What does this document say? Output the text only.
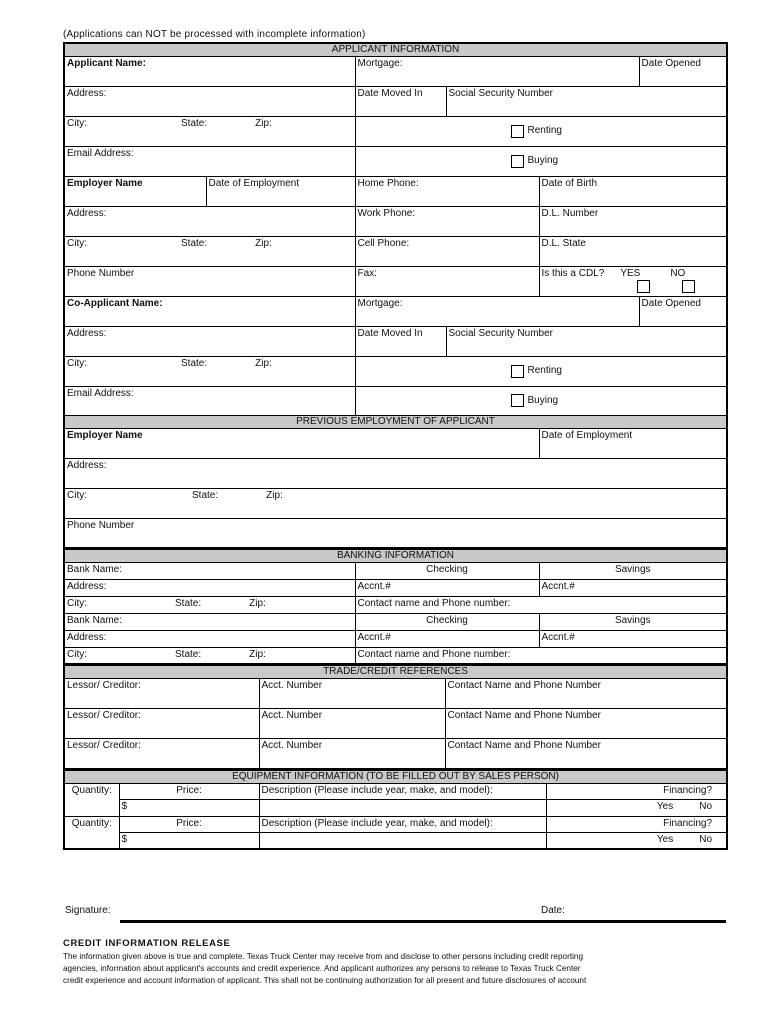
(Applications can NOT be processed with incomplete information)
APPLICANT INFORMATION					
Applicant Name:		Mortgage:			Date Opened
Address:		Date Moved In	Social Security Number		
City: State: Zip:		Renting			
Email Address:		Buying			
Employer Name	Date of Employment	Home Phone:		Date of Birth	
Address:		Work Phone:		D.L. Number	
City: State: Zip:		Cell Phone:		D.L. State	
Phone Number		Fax:		Is this a CDL? YES NO	

Co-Applicant Name:		Mortgage:			Date Opened
Address:		Date Moved In	Social Security Number		
City: State: Zip:		Renting			
Email Address:		Buying			
PREVIOUS EMPLOYMENT OF APPLICANT					
Employer Name				Date of Employment	
Address:					
City: State: Zip:					
Phone Number					
BANKING INFORMATION		
Bank Name:	Checking	Savings
Address:	Accnt.#	Accnt.#
City: State: Zip:	Contact name and Phone number:	
Bank Name:	Checking	Savings
Address:	Accnt.#	Accnt.#
City: State: Zip:	Contact name and Phone number:	
TRADE/CREDIT REFERENCES		
Lessor/ Creditor:	Acct. Number	Contact Name and Phone Number
Lessor/ Creditor:	Acct. Number	Contact Name and Phone Number
Lessor/ Creditor:	Acct. Number	Contact Name and Phone Number
EQUIPMENT INFORMATION (TO BE FILLED OUT BY SALES PERSON)			
Quantity:	Price:	Description (Please include year, make, and model):	Financing?
	$		Yes No
Quantity:	Price:	Description (Please include year, make, and model):	Financing?
	$		Yes No
Signature:	Date:
CREDIT INFORMATION RELEASE
The information given above is true and complete. Texas Truck Center may receive from and disclose to other persons including credit reporting
agencies, information about applicant's accounts and credit experience. And applicant authorizes any persons to release to Texas Truck Center
credit experience and account information of applicant. This shall not be continuing authorization for all present and future disclosures of account
